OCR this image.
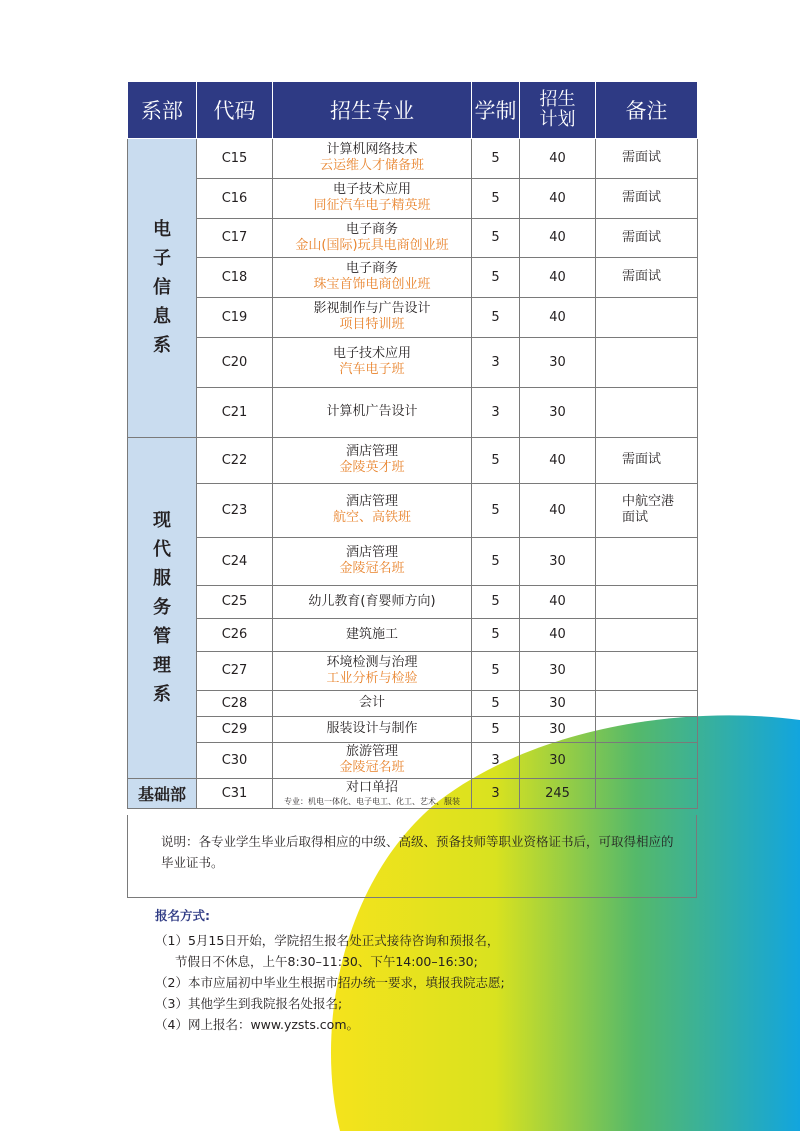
系部	代码	招生专业	学制	招生
计划	备注
电子信息系	C15	计算机网络技术
云运维人才储备班	5	40	需面试
	C16	电子技术应用
同征汽车电子精英班	5	40	需面试
	C17	电子商务
金山(国际)玩具电商创业班	5	40	需面试
	C18	电子商务
珠宝首饰电商创业班	5	40	需面试
	C19	影视制作与广告设计
项目特训班	5	40	
	C20	电子技术应用
汽车电子班	3	30	
	C21	计算机广告设计	3	30	
现代服务管理系	C22	酒店管理
金陵英才班	5	40	需面试
	C23	酒店管理
航空、高铁班	5	40	中航空港面试
	C24	酒店管理
金陵冠名班	5	30	
	C25	幼儿教育(育婴师方向)	5	40	
	C26	建筑施工	5	40	
	C27	环境检测与治理
工业分析与检验	5	30	
	C28	会计	5	30	
	C29	服装设计与制作	5	30	
	C30	旅游管理
金陵冠名班	3	30	
基础部	C31	对口单招
专业：机电一体化、电子电工、化工、艺术、服装	3	245	

说明：各专业学生毕业后取得相应的中级、高级、预备技师等职业资格证书后，可取得相应的毕业证书。

报名方式:
（1）5月15日开始，学院招生报名处正式接待咨询和预报名，
节假日不休息，上午8:30–11:30、下午14:00–16:30;
（2）本市应届初中毕业生根据市招办统一要求，填报我院志愿;
（3）其他学生到我院报名处报名;
（4）网上报名：www.yzsts.com。
